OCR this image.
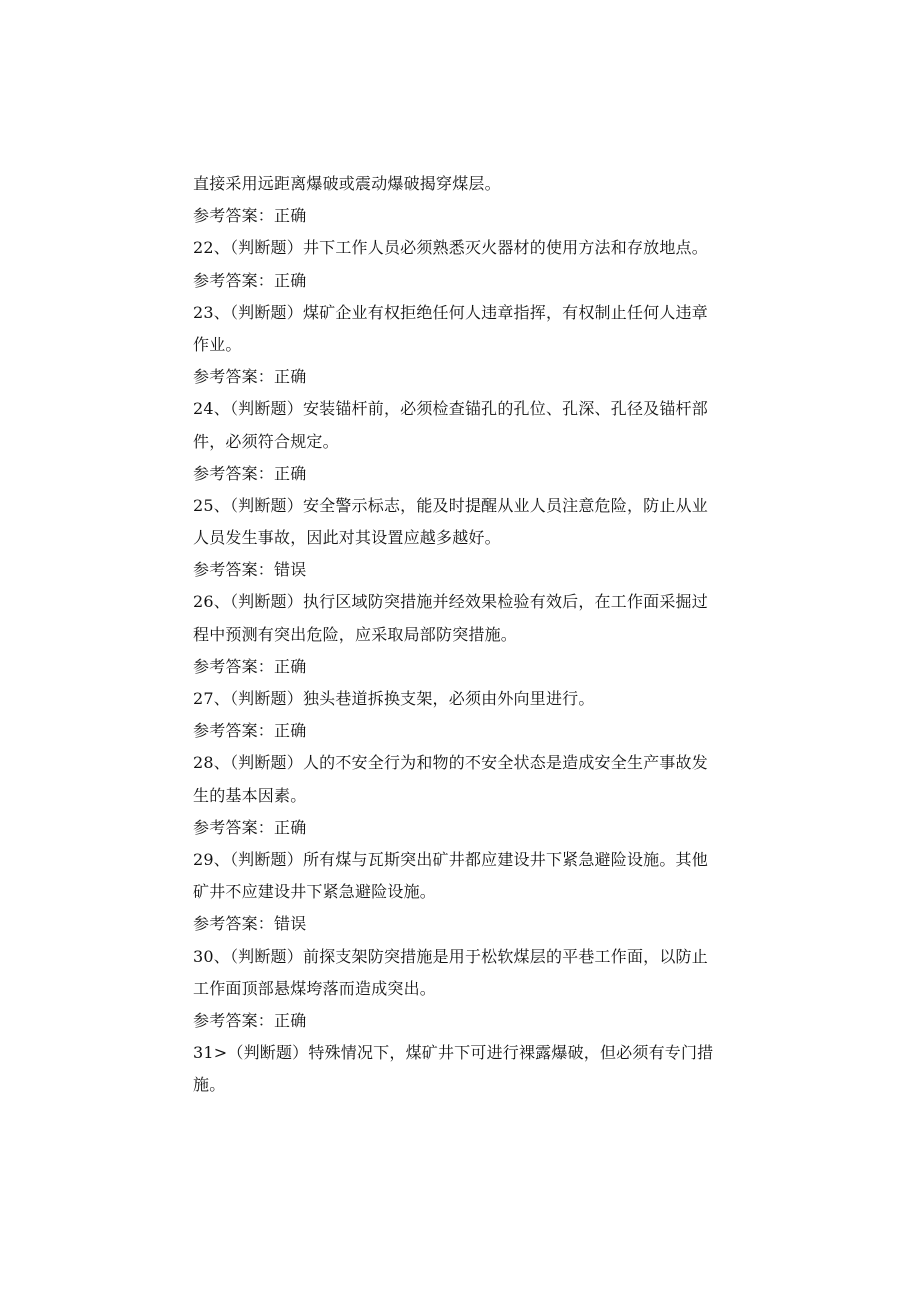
直接采用远距离爆破或震动爆破揭穿煤层。
参考答案：正确
22、（判断题）井下工作人员必须熟悉灭火器材的使用方法和存放地点。
参考答案：正确
23、（判断题）煤矿企业有权拒绝任何人违章指挥，有权制止任何人违章
作业。
参考答案：正确
24、（判断题）安装锚杆前，必须检查锚孔的孔位、孔深、孔径及锚杆部
件，必须符合规定。
参考答案：正确
25、（判断题）安全警示标志，能及时提醒从业人员注意危险，防止从业
人员发生事故，因此对其设置应越多越好。
参考答案：错误
26、（判断题）执行区域防突措施并经效果检验有效后，在工作面采掘过
程中预测有突出危险，应采取局部防突措施。
参考答案：正确
27、（判断题）独头巷道拆换支架，必须由外向里进行。
参考答案：正确
28、（判断题）人的不安全行为和物的不安全状态是造成安全生产事故发
生的基本因素。
参考答案：正确
29、（判断题）所有煤与瓦斯突出矿井都应建设井下紧急避险设施。其他
矿井不应建设井下紧急避险设施。
参考答案：错误
30、（判断题）前探支架防突措施是用于松软煤层的平巷工作面，以防止
工作面顶部悬煤垮落而造成突出。
参考答案：正确
31>（判断题）特殊情况下，煤矿井下可进行裸露爆破，但必须有专门措
施。
